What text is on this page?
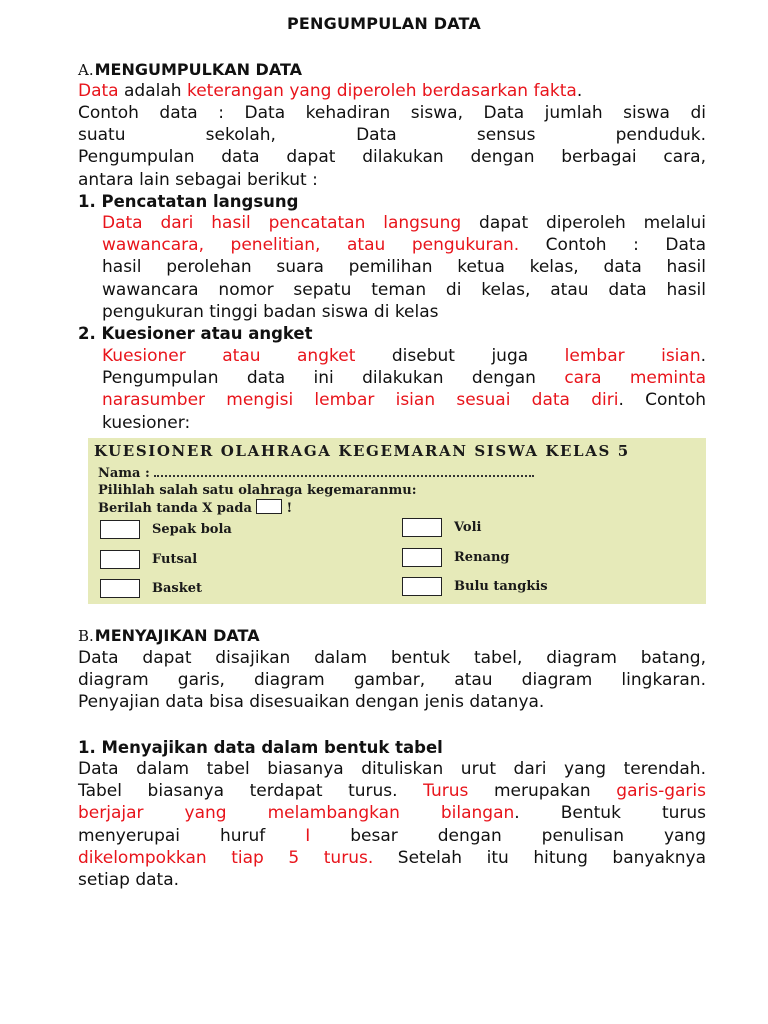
PENGUMPULAN DATA
A.MENGUMPULKAN DATA
Data adalah keterangan yang diperoleh berdasarkan fakta.
Contoh data : Data kehadiran siswa, Data jumlah siswa di
suatu sekolah, Data sensus penduduk.
Pengumpulan data dapat dilakukan dengan berbagai cara,
antara lain sebagai berikut :
1. Pencatatan langsung
Data dari hasil pencatatan langsung dapat diperoleh melalui
wawancara, penelitian, atau pengukuran. Contoh : Data
hasil perolehan suara pemilihan ketua kelas, data hasil
wawancara nomor sepatu teman di kelas, atau data hasil
pengukuran tinggi badan siswa di kelas
2. Kuesioner atau angket
Kuesioner atau angket disebut juga lembar isian.
Pengumpulan data ini dilakukan dengan cara meminta
narasumber mengisi lembar isian sesuai data diri. Contoh
kuesioner:
KUESIONER OLAHRAGA KEGEMARAN SISWA KELAS 5
Nama :
Pilihlah salah satu olahraga kegemaranmu:
Berilah tanda X pada	!
Sepak bola
Futsal
Basket
Voli
Renang
Bulu tangkis
B.MENYAJIKAN DATA
Data dapat disajikan dalam bentuk tabel, diagram batang,
diagram garis, diagram gambar, atau diagram lingkaran.
Penyajian data bisa disesuaikan dengan jenis datanya.
1. Menyajikan data dalam bentuk tabel
Data dalam tabel biasanya dituliskan urut dari yang terendah.
Tabel biasanya terdapat turus. Turus merupakan garis-garis
berjajar yang melambangkan bilangan. Bentuk turus
menyerupai huruf I besar dengan penulisan yang
dikelompokkan tiap 5 turus. Setelah itu hitung banyaknya
setiap data.
